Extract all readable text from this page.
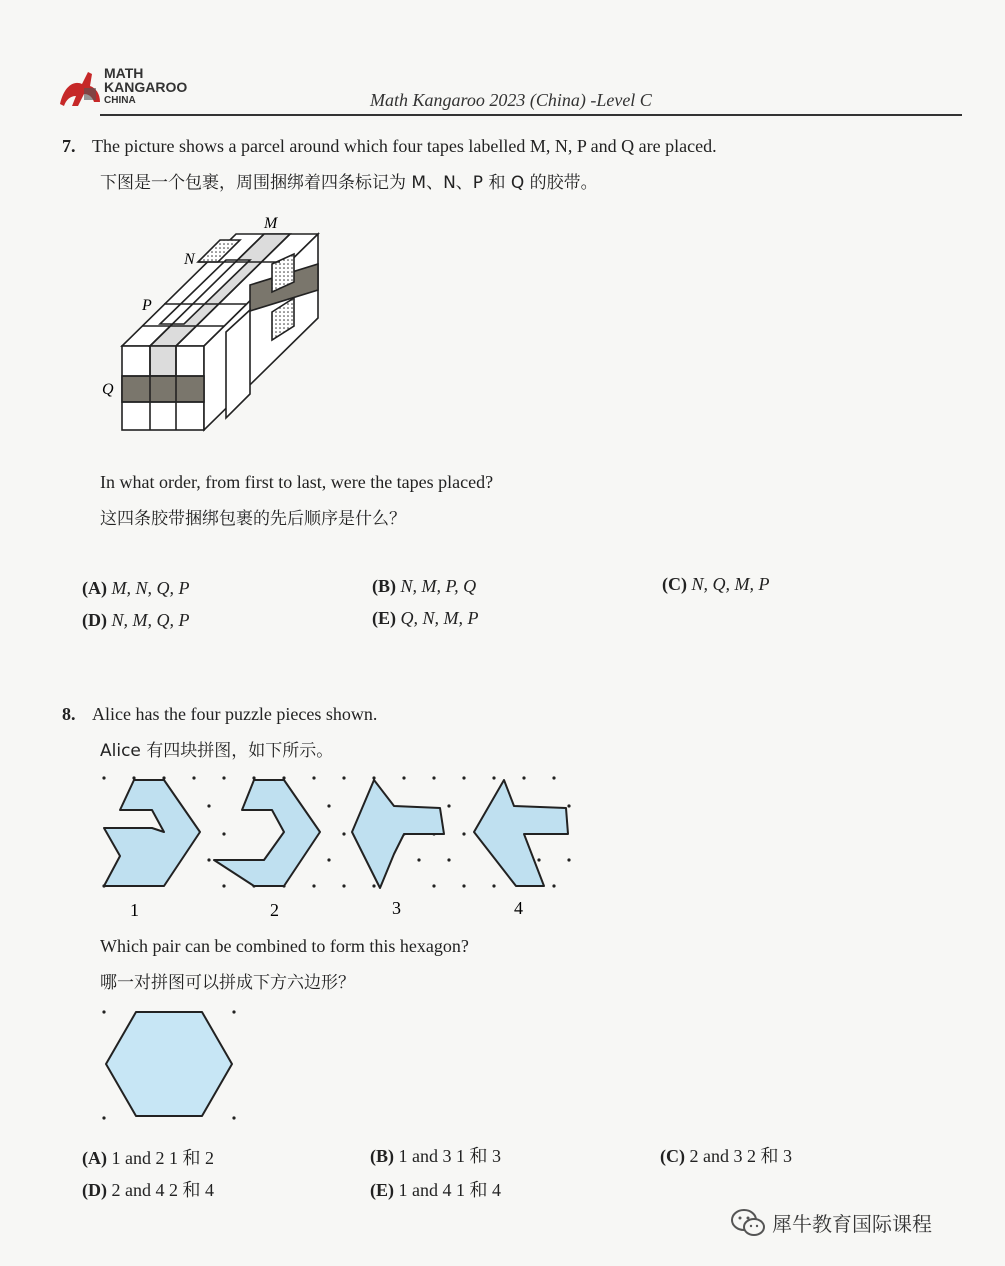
MATH
KANGAROO
CHINA	Math Kangaroo 2023 (China) -Level C
7. The picture shows a parcel around which four tapes labelled M, N, P and Q are placed.
下图是一个包裹，周围捆绑着四条标记为 M、N、P 和 Q 的胶带。
M
N
P
Q
In what order, from first to last, were the tapes placed?
这四条胶带捆绑包裹的先后顺序是什么？
(A) M, N, Q, P	(B) N, M, P, Q	(C) N, Q, M, P
(D) N, M, Q, P	(E) Q, N, M, P
8. Alice has the four puzzle pieces shown.
Alice 有四块拼图，如下所示。
1	2	3	4
Which pair can be combined to form this hexagon?
哪一对拼图可以拼成下方六边形？
(A) 1 and 2 1 和 2	(B) 1 and 3 1 和 3	(C) 2 and 3 2 和 3
(D) 2 and 4 2 和 4	(E) 1 and 4 1 和 4
犀牛教育国际课程
